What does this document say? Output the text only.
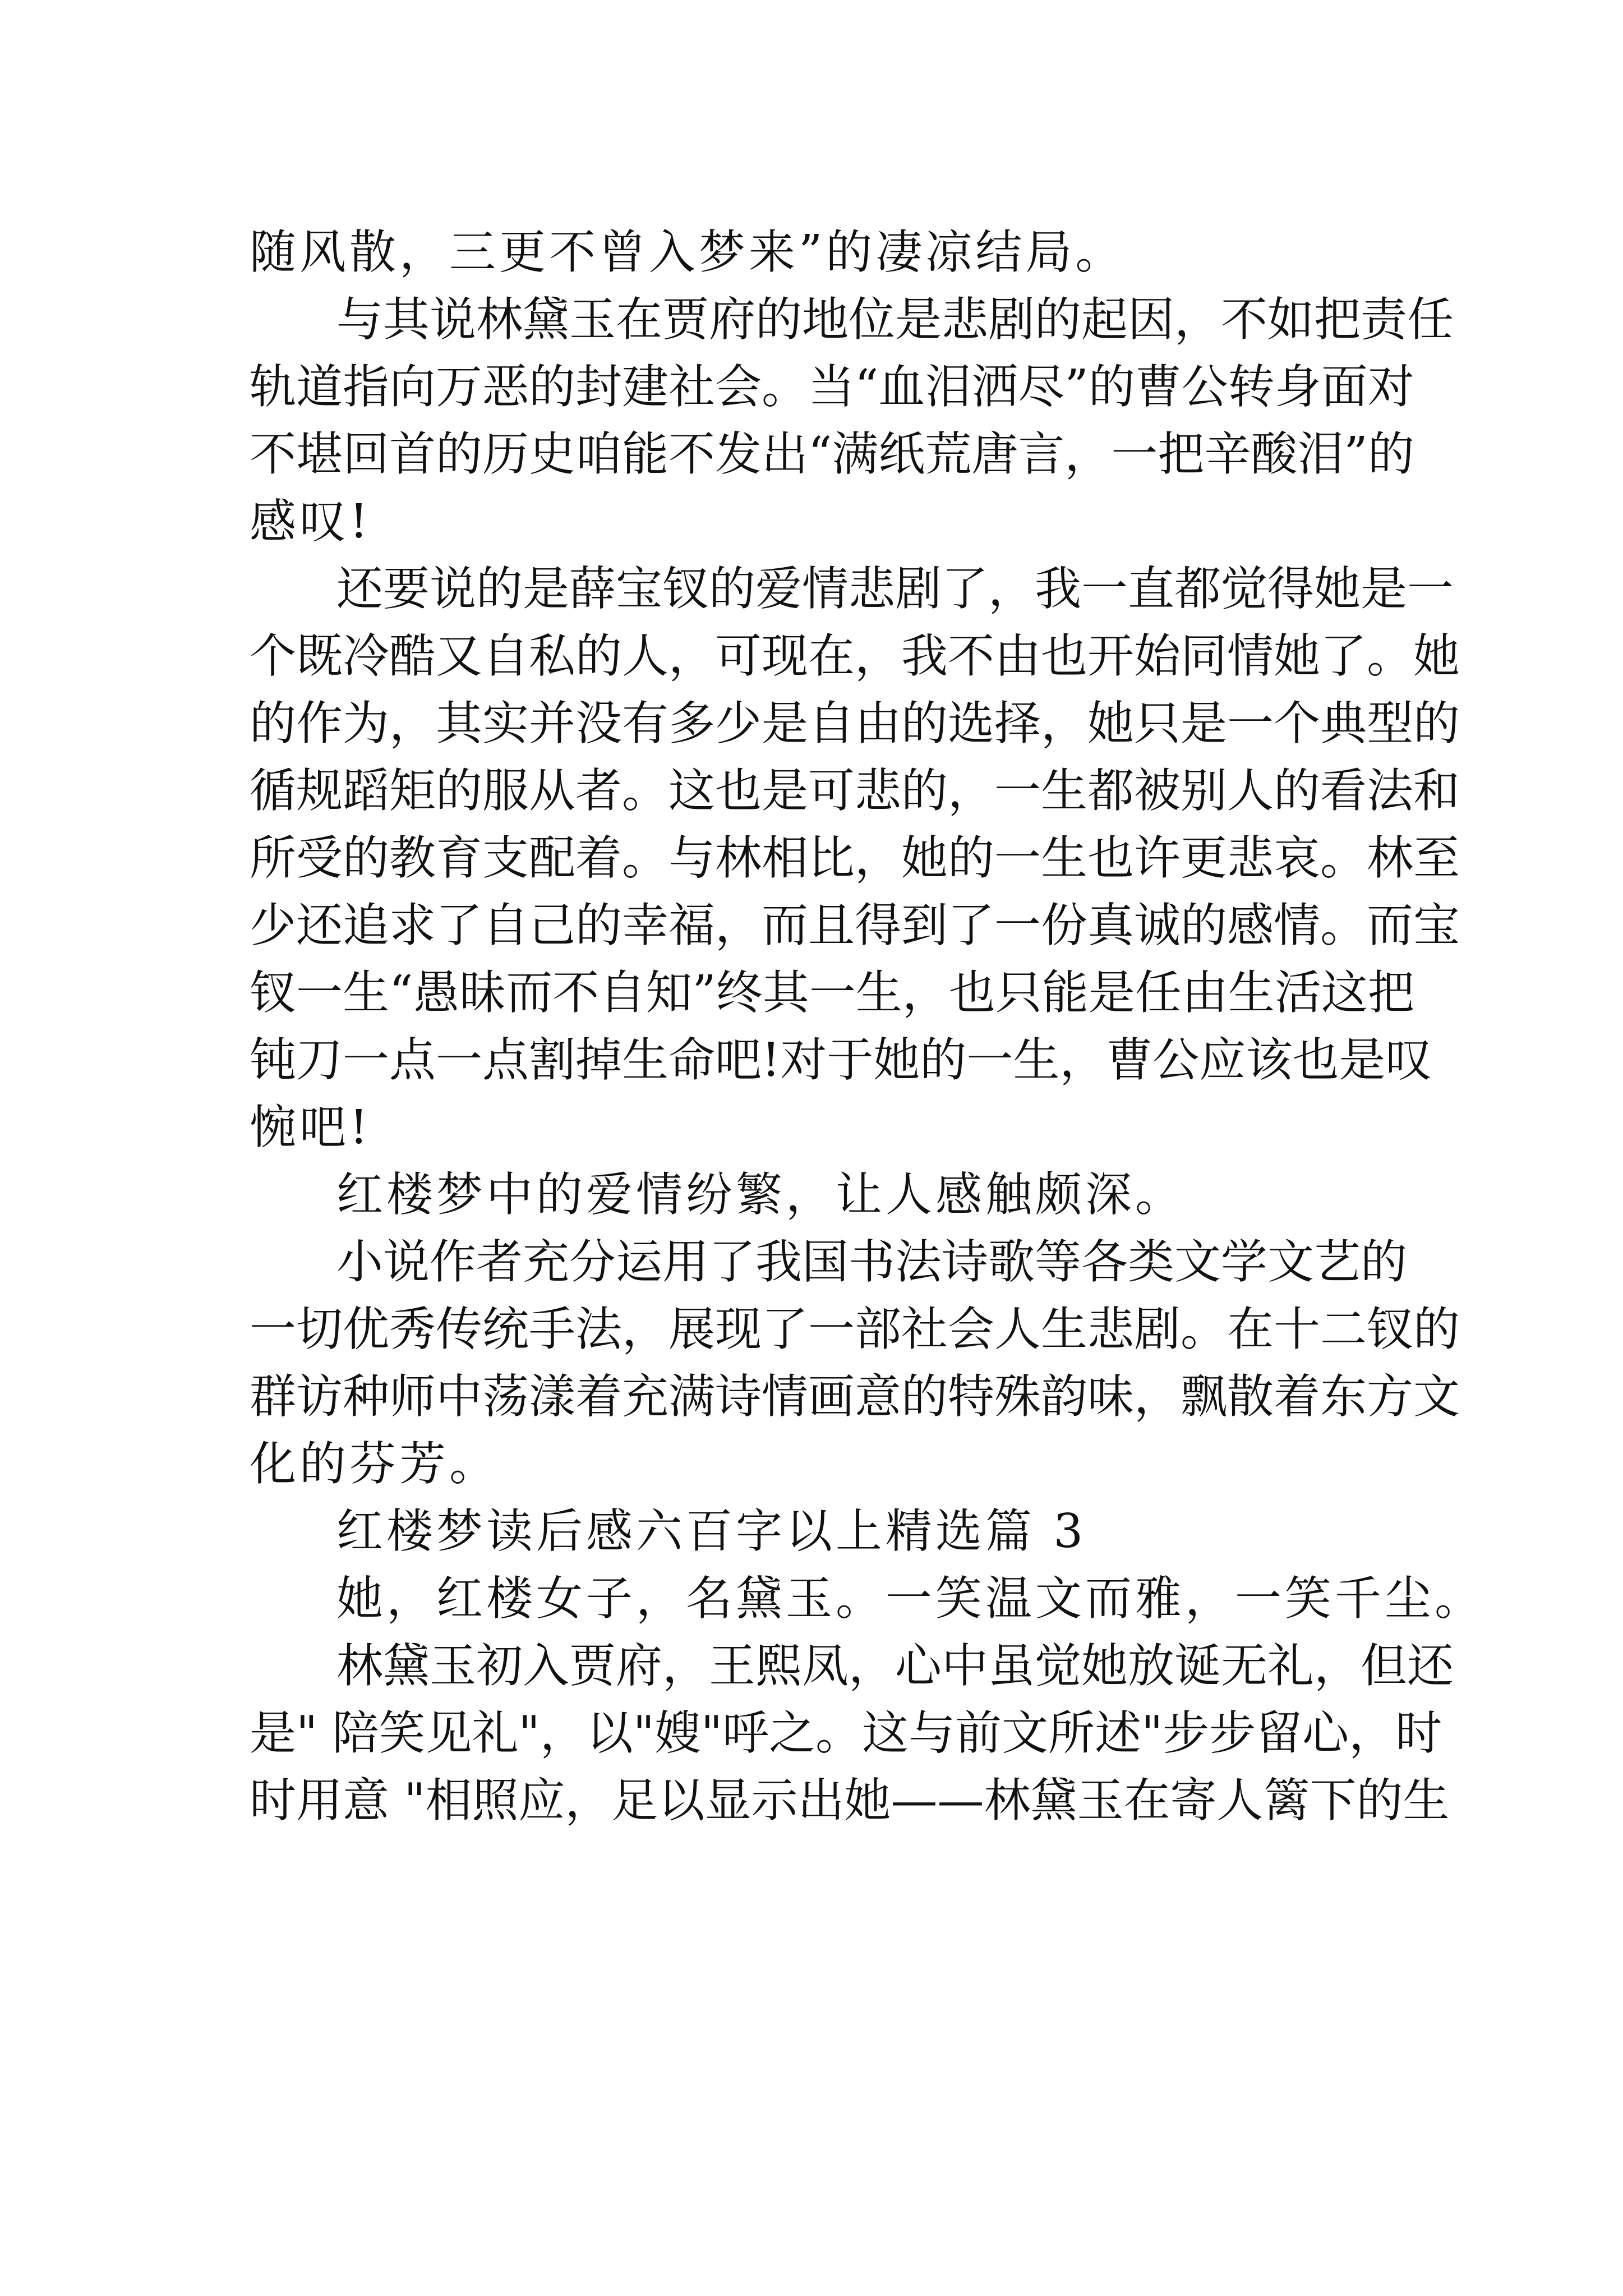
随风散，三更不曾入梦来”的凄凉结局。
与其说林黛玉在贾府的地位是悲剧的起因，不如把责任
轨道指向万恶的封建社会。当“血泪洒尽”的曹公转身面对
不堪回首的历史咱能不发出“满纸荒唐言，一把辛酸泪”的
感叹!
还要说的是薛宝钗的爱情悲剧了，我一直都觉得她是一
个既冷酷又自私的人，可现在，我不由也开始同情她了。她
的作为，其实并没有多少是自由的选择，她只是一个典型的
循规蹈矩的服从者。这也是可悲的，一生都被别人的看法和
所受的教育支配着。与林相比，她的一生也许更悲哀。林至
少还追求了自己的幸福，而且得到了一份真诚的感情。而宝
钗一生“愚昧而不自知”终其一生，也只能是任由生活这把
钝刀一点一点割掉生命吧!对于她的一生，曹公应该也是叹
惋吧!
红楼梦中的爱情纷繁，让人感触颇深。
小说作者充分运用了我国书法诗歌等各类文学文艺的
一切优秀传统手法，展现了一部社会人生悲剧。在十二钗的
群访种师中荡漾着充满诗情画意的特殊韵味，飘散着东方文
化的芬芳。
红楼梦读后感六百字以上精选篇 3
她，红楼女子，名黛玉。一笑温文而雅，一笑千尘。
林黛玉初入贾府，王熙凤，心中虽觉她放诞无礼，但还
是" 陪笑见礼"，以"嫂"呼之。这与前文所述"步步留心，时
时用意 "相照应，足以显示出她——林黛玉在寄人篱下的生
